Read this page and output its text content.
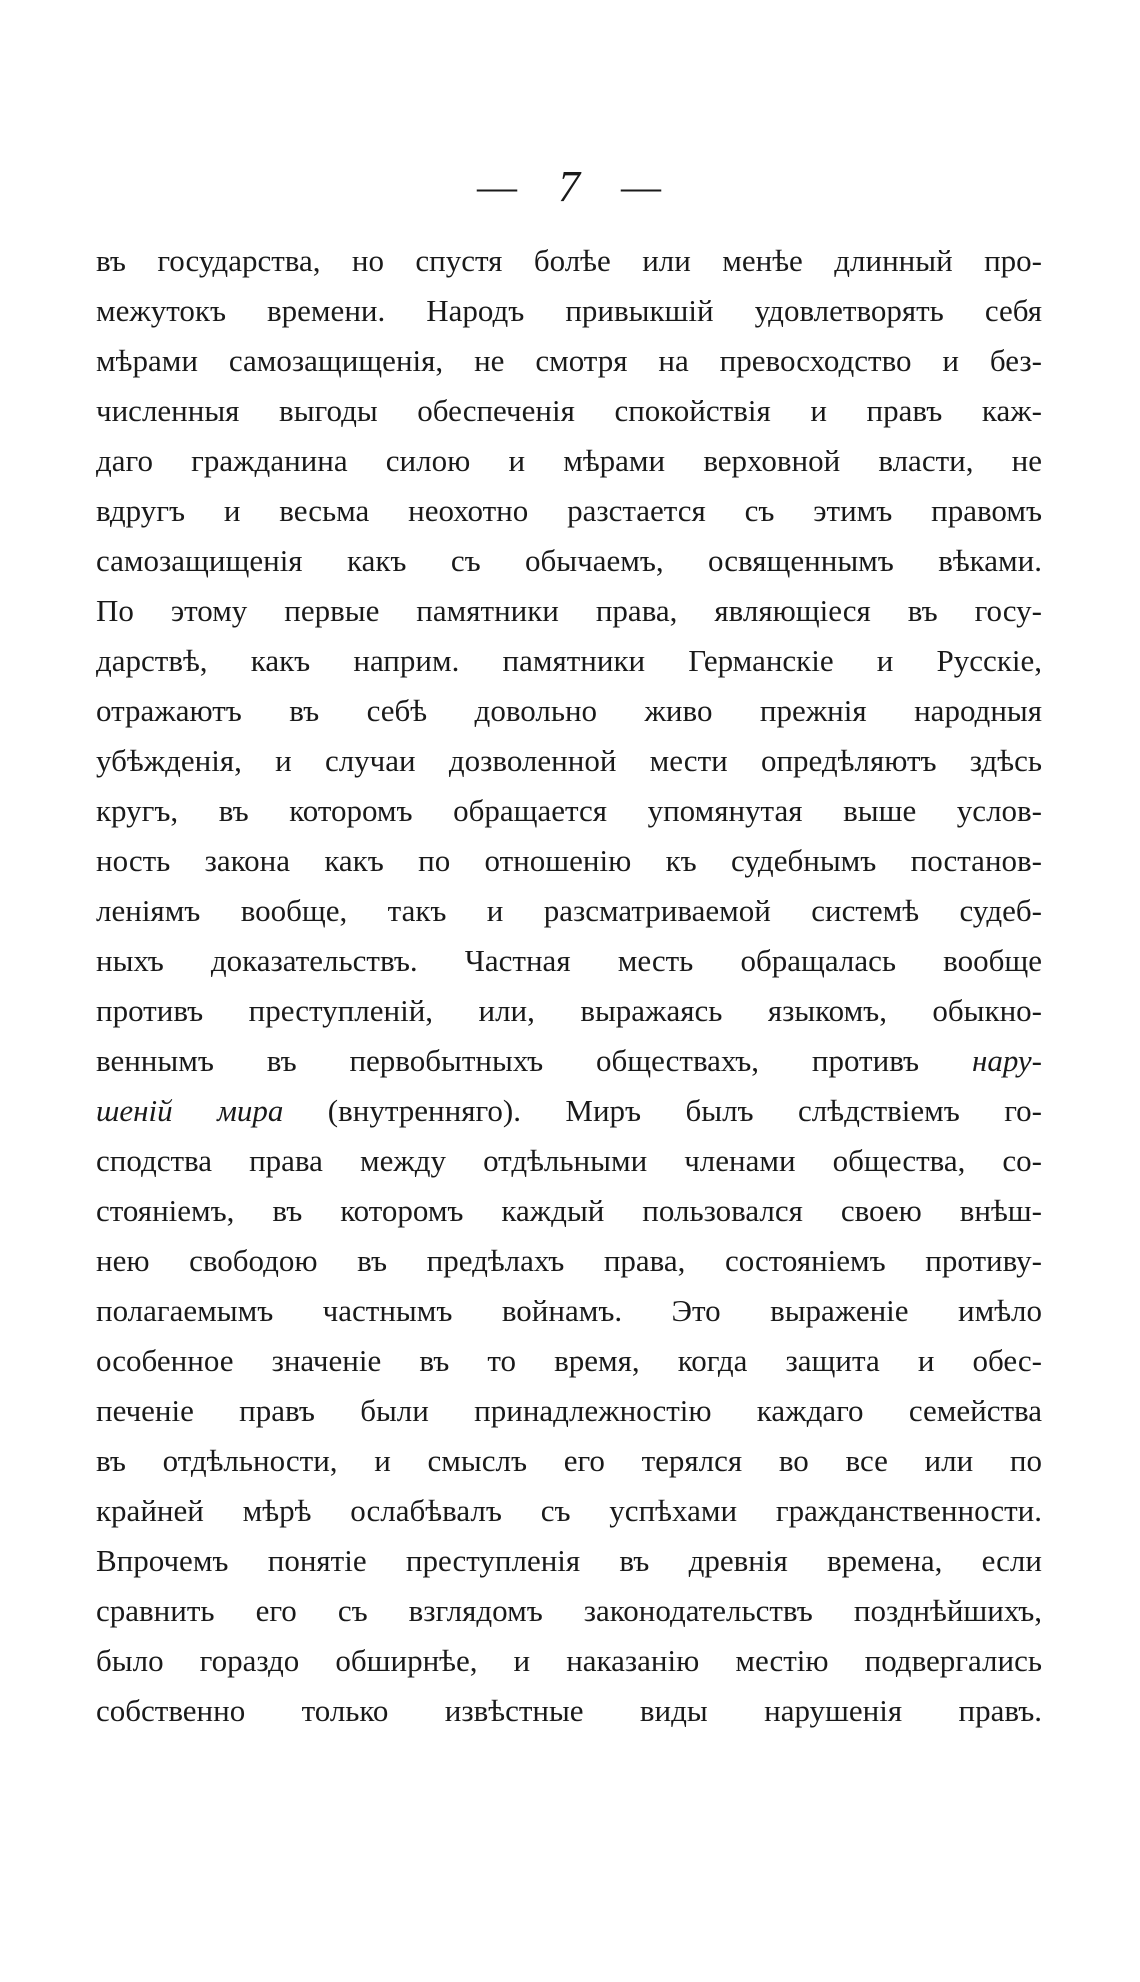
— 7 —
въ государства, но спустя болѣе или менѣе длинный про-
межутокъ времени. Народъ привыкшій удовлетворять себя
мѣрами самозащищенія, не смотря на превосходство и без-
численныя выгоды обеспеченія спокойствія и правъ каж-
даго гражданина силою и мѣрами верховной власти, не
вдругъ и весьма неохотно разстается съ этимъ правомъ
самозащищенія какъ съ обычаемъ, освященнымъ вѣками.
По этому первые памятники права, являющіеся въ госу-
дарствѣ, какъ наприм. памятники Германскіе и Русскіе,
отражаютъ въ себѣ довольно живо прежнія народныя
убѣжденія, и случаи дозволенной мести опредѣляютъ здѣсь
кругъ, въ которомъ обращается упомянутая выше услов-
ность закона какъ по отношенію къ судебнымъ постанов-
леніямъ вообще, такъ и разсматриваемой системѣ судеб-
ныхъ доказательствъ. Частная месть обращалась вообще
противъ преступленій, или, выражаясь языкомъ, обыкно-
веннымъ въ первобытныхъ обществахъ, противъ нару-
шеній мира (внутренняго). Миръ былъ слѣдствіемъ го-
сподства права между отдѣльными членами общества, со-
стояніемъ, въ которомъ каждый пользовался своею внѣш-
нею свободою въ предѣлахъ права, состояніемъ противу-
полагаемымъ частнымъ войнамъ. Это выраженіе имѣло
особенное значеніе въ то время, когда защита и обес-
печеніе правъ были принадлежностію каждаго семейства
въ отдѣльности, и смыслъ его терялся во все или по
крайней мѣрѣ ослабѣвалъ съ успѣхами гражданственности.
Впрочемъ понятіе преступленія въ древнія времена, если
сравнить его съ взглядомъ законодательствъ позднѣйшихъ,
было гораздо обширнѣе, и наказанію местію подвергались
собственно только извѣстные виды нарушенія правъ.
